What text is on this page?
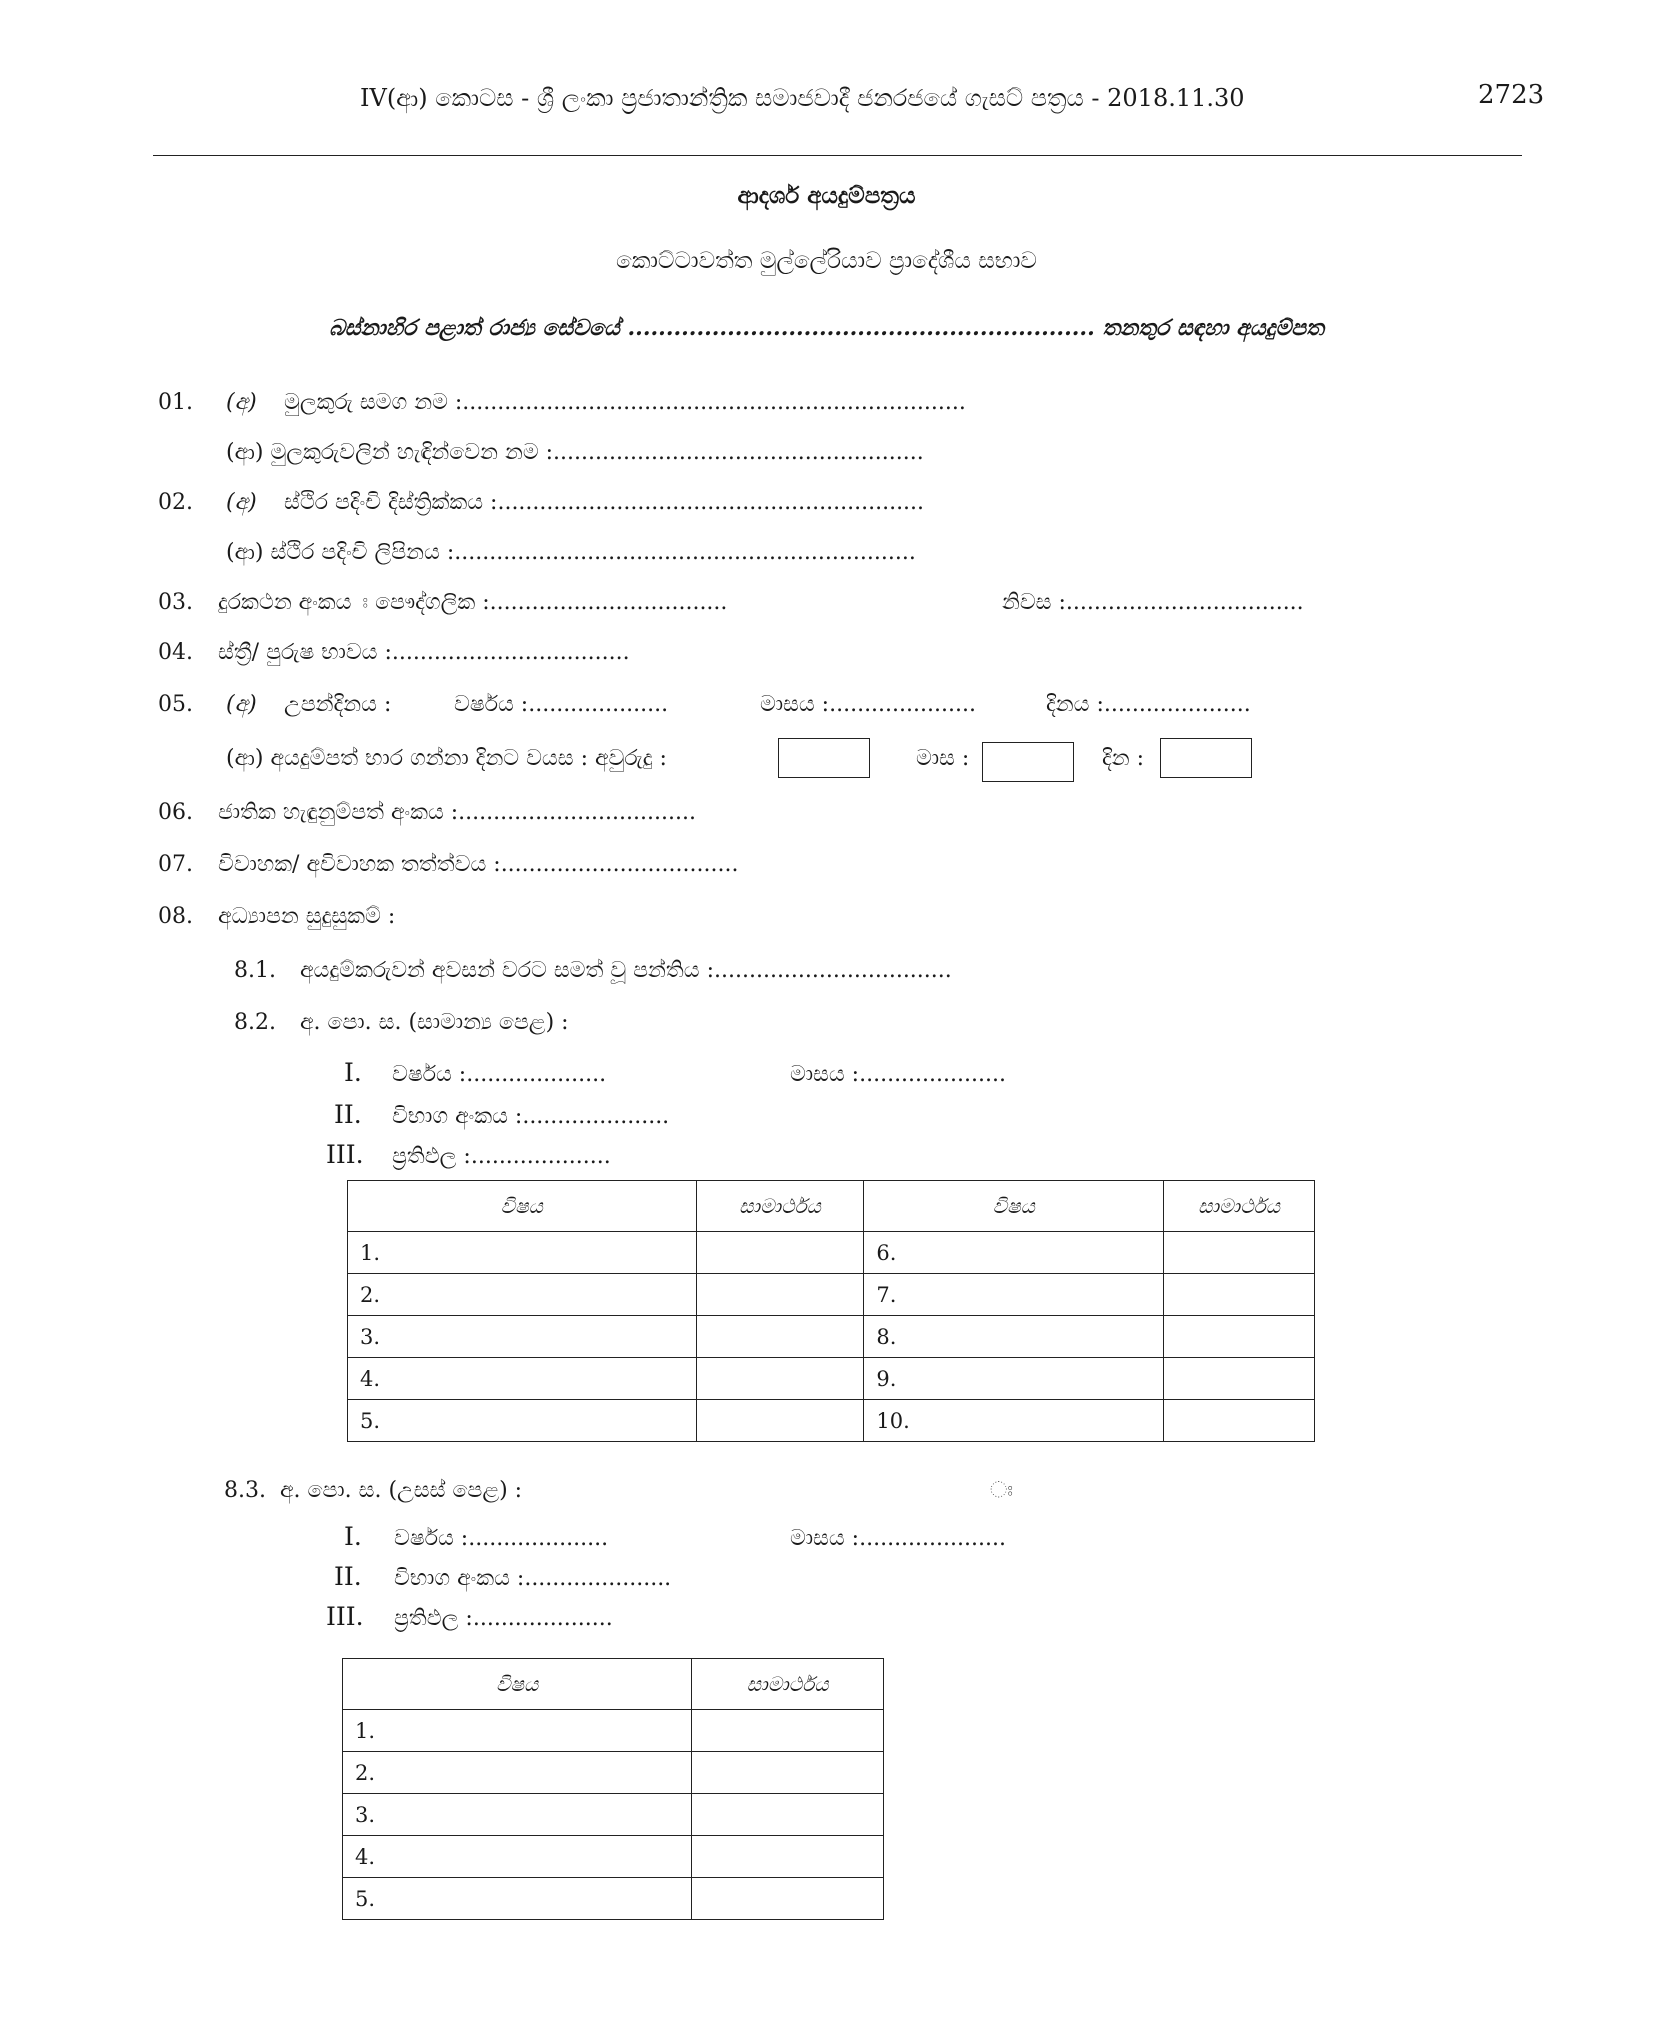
IV(ආ) කොටස - ශ්‍රී ලංකා ප්‍රජාතාන්ත්‍රික සමාජවාදී ජනරජයේ ගැසට් පත්‍රය - 2018.11.30	2723
ආදර්ශ අයදුම්පත්‍රය
කොට්ටාවත්ත මුල්ලේරියාව ප්‍රාදේශීය සභාව
බස්නාහිර පළාත් රාජ්‍ය සේවයේ ............................................................. තනතුර සඳහා අයදුම්පත
01. (අ) මුලකුරු සමග නම :........................................................................
(ආ) මුලකුරුවලින් හැඳින්වෙන නම :.....................................................
02. (අ) ස්ථිර පදිංචි දිස්ත්‍රික්කය :.............................................................
(ආ) ස්ථිර පදිංචි ලිපිනය :..................................................................
03. දුරකථන අංකය ඃ පෞද්ගලික :..................................	නිවස :..................................
04. ස්ත්‍රී/ පුරුෂ භාවය :..................................
05. (අ) උපන්දිනය :	වර්ෂය :....................	මාසය :.....................	දිනය :.....................
(ආ) අයදුම්පත් භාර ගන්නා දිනට වයස : අවුරුදු :	මාස :	දින :
06. ජාතික හැඳුනුම්පත් අංකය :..................................
07. විවාහක/ අවිවාහක තත්ත්වය :..................................
08. අධ්‍යාපන සුදුසුකම් :
8.1. අයදුම්කරුවන් අවසන් වරට සමත් වූ පන්තිය :..................................
8.2. අ. පො. ස. (සාමාන්‍ය පෙළ) :
I. වර්ෂය :....................	මාසය :.....................
II. විභාග අංකය :.....................
III. ප්‍රතිඵල :....................
විෂය	සාමාර්ථය	විෂය	සාමාර්ථය
1.		6.	
2.		7.	
3.		8.	
4.		9.	
5.		10.	
8.3. අ. පො. ස. (උසස් පෙළ) :	ඃ
I. වර්ෂය :....................	මාසය :.....................
II. විභාග අංකය :.....................
III. ප්‍රතිඵල :....................
විෂය	සාමාර්ථය
1.	
2.	
3.	
4.	
5.	
